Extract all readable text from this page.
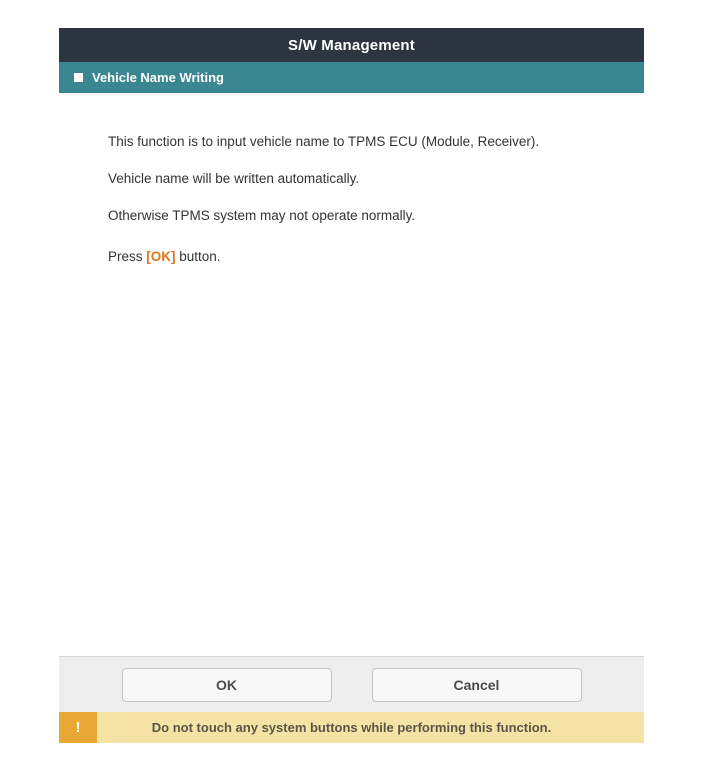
S/W Management
Vehicle Name Writing
This function is to input vehicle name to TPMS ECU (Module, Receiver).
Vehicle name will be written automatically.
Otherwise TPMS system may not operate normally.
Press [OK] button.
OK	Cancel
!	Do not touch any system buttons while performing this function.
